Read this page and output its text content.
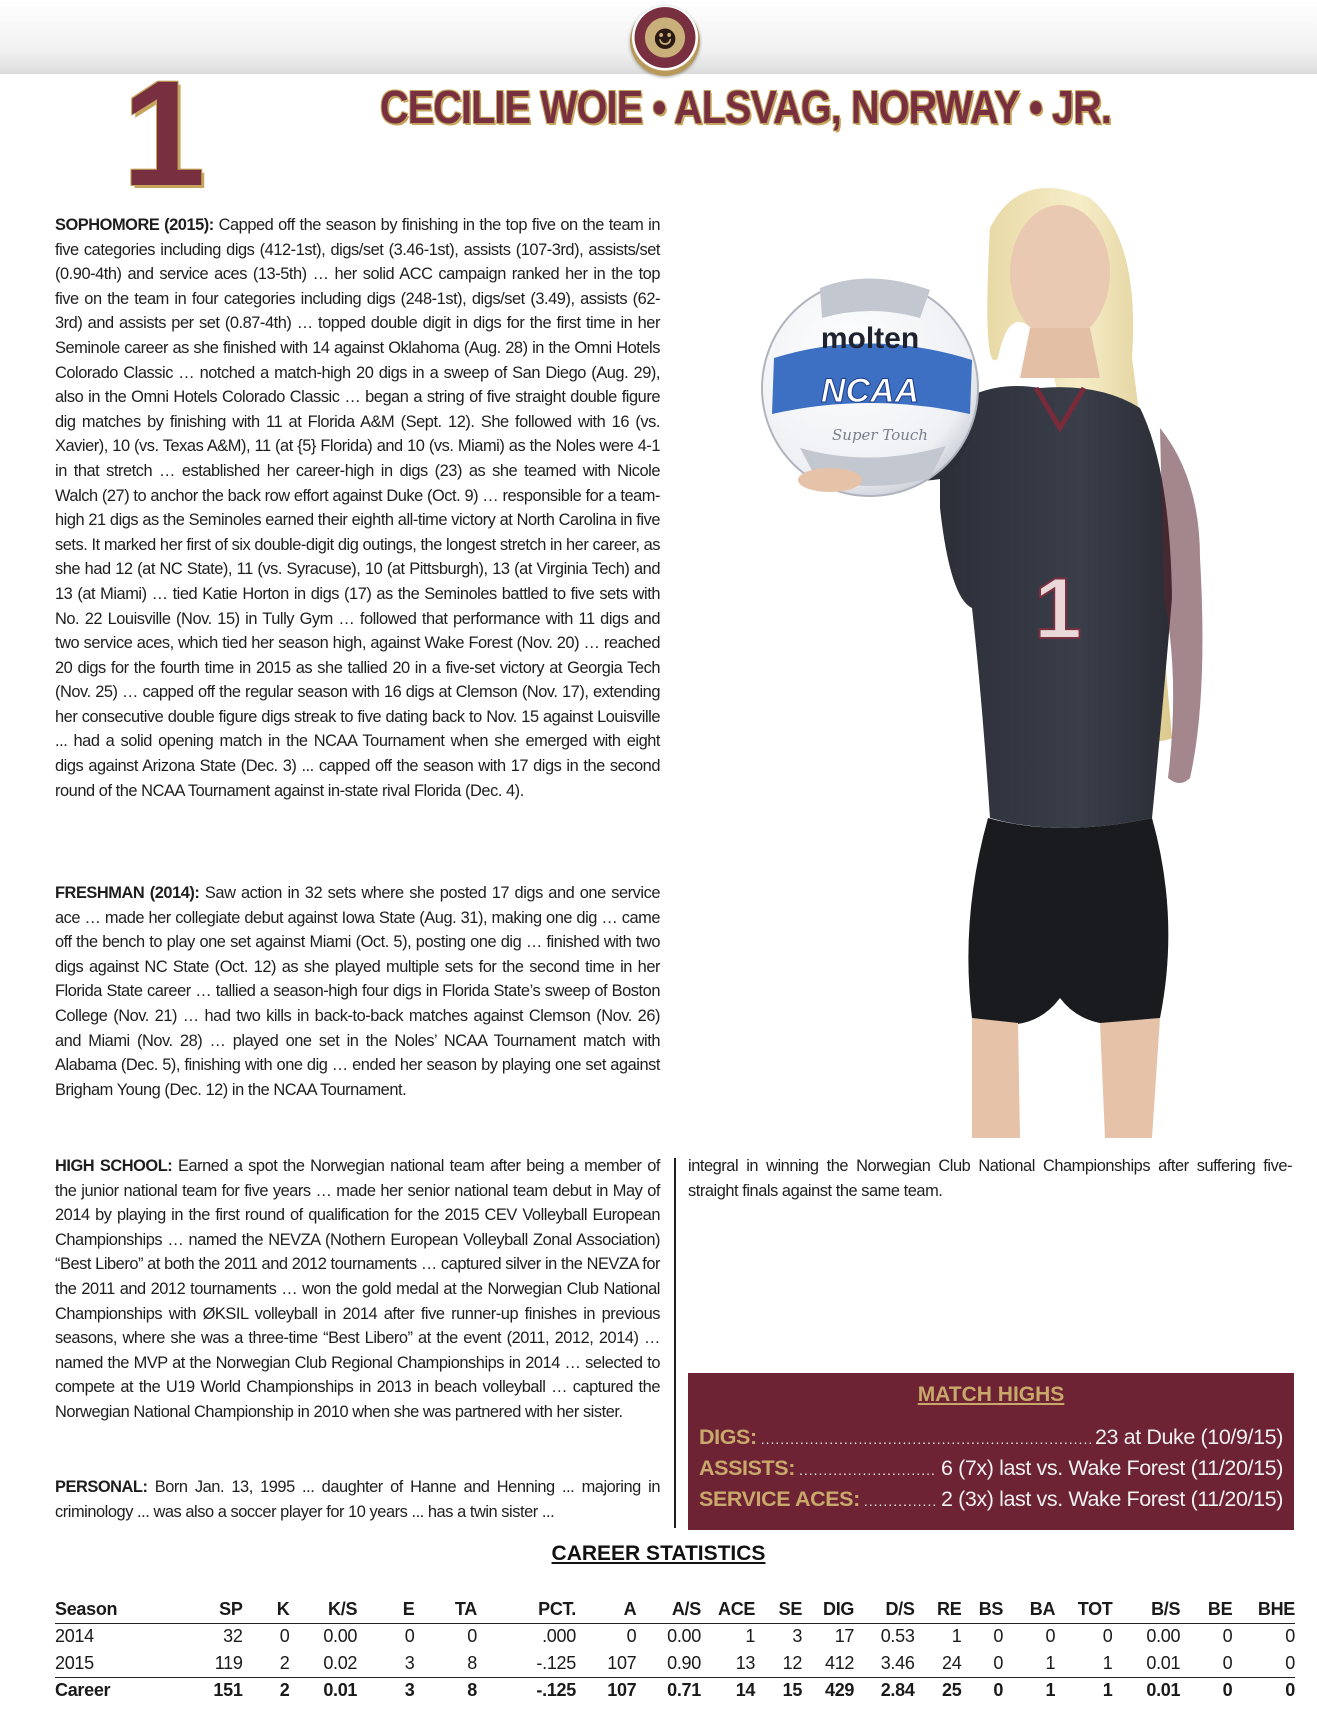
☻
1	CECILIE WOIE • ALSVAG, NORWAY • JR.
SOPHOMORE (2015): Capped off the season by finishing in the top five on the team in five categories including digs (412-1st), digs/set (3.46-1st), assists (107-3rd), assists/set (0.90-4th) and service aces (13-5th) … her solid ACC campaign ranked her in the top five on the team in four categories including digs (248-1st), digs/set (3.49), assists (62-3rd) and assists per set (0.87-4th) … topped double digit in digs for the first time in her Seminole career as she finished with 14 against Oklahoma (Aug. 28) in the Omni Hotels Colorado Classic … notched a match-high 20 digs in a sweep of San Diego (Aug. 29), also in the Omni Hotels Colorado Classic … began a string of five straight double figure dig matches by finishing with 11 at Florida A&M (Sept. 12). She followed with 16 (vs. Xavier), 10 (vs. Texas A&M), 11 (at {5} Florida) and 10 (vs. Miami) as the Noles were 4-1 in that stretch … established her career-high in digs (23) as she teamed with Nicole Walch (27) to anchor the back row effort against Duke (Oct. 9) … responsible for a team-high 21 digs as the Seminoles earned their eighth all-time victory at North Carolina in five sets. It marked her first of six double-digit dig outings, the longest stretch in her career, as she had 12 (at NC State), 11 (vs. Syracuse), 10 (at Pittsburgh), 13 (at Virginia Tech) and 13 (at Miami) … tied Katie Horton in digs (17) as the Seminoles battled to five sets with No. 22 Louisville (Nov. 15) in Tully Gym … followed that performance with 11 digs and two service aces, which tied her season high, against Wake Forest (Nov. 20) … reached 20 digs for the fourth time in 2015 as she tallied 20 in a five-set victory at Georgia Tech (Nov. 25) … capped off the regular season with 16 digs at Clemson (Nov. 17), extending her consecutive double figure digs streak to five dating back to Nov. 15 against Louisville ... had a solid opening match in the NCAA Tournament when she emerged with eight digs against Arizona State (Dec. 3) ... capped off the season with 17 digs in the second round of the NCAA Tournament against in-state rival Florida (Dec. 4).
FRESHMAN (2014): Saw action in 32 sets where she posted 17 digs and one service ace … made her collegiate debut against Iowa State (Aug. 31), making one dig … came off the bench to play one set against Miami (Oct. 5), posting one dig … finished with two digs against NC State (Oct. 12) as she played multiple sets for the second time in her Florida State career … tallied a season-high four digs in Florida State’s sweep of Boston College (Nov. 21) … had two kills in back-to-back matches against Clemson (Nov. 26) and Miami (Nov. 28) … played one set in the Noles’ NCAA Tournament match with Alabama (Dec. 5), finishing with one dig … ended her season by playing one set against Brigham Young (Dec. 12) in the NCAA Tournament.
HIGH SCHOOL: Earned a spot the Norwegian national team after being a member of the junior national team for five years … made her senior national team debut in May of 2014 by playing in the first round of qualification for the 2015 CEV Volleyball European Championships … named the NEVZA (Nothern European Volleyball Zonal Association) “Best Libero” at both the 2011 and 2012 tournaments … captured silver in the NEVZA for the 2011 and 2012 tournaments … won the gold medal at the Norwegian Club National Championships with ØKSIL volleyball in 2014 after five runner-up finishes in previous seasons, where she was a three-time “Best Libero” at the event (2011, 2012, 2014) … named the MVP at the Norwegian Club Regional Championships in 2014 … selected to compete at the U19 World Championships in 2013 in beach volleyball … captured the Norwegian National Championship in 2010 when she was partnered with her sister.
PERSONAL: Born Jan. 13, 1995 ... daughter of Hanne and Henning ... majoring in criminology ... was also a soccer player for 10 years ... has a twin sister ...
integral in winning the Norwegian Club National Championships after suffering five-straight finals against the same team.
1
molten
NCAA
Super Touch
MATCH HIGHS
DIGS: .....	23 at Duke (10/9/15)
ASSISTS: .....	6 (7x) last vs. Wake Forest (11/20/15)
SERVICE ACES: .....	2 (3x) last vs. Wake Forest (11/20/15)
CAREER STATISTICS
Season	SP	K	K/S	E	TA	PCT.	A	A/S	ACE	SE	DIG	D/S	RE	BS	BA	TOT	B/S	BE	BHE
2014	32	0	0.00	0	0	.000	0	0.00	1	3	17	0.53	1	0	0	0	0.00	0	0
2015	119	2	0.02	3	8	-.125	107	0.90	13	12	412	3.46	24	0	1	1	0.01	0	0
Career	151	2	0.01	3	8	-.125	107	0.71	14	15	429	2.84	25	0	1	1	0.01	0	0
